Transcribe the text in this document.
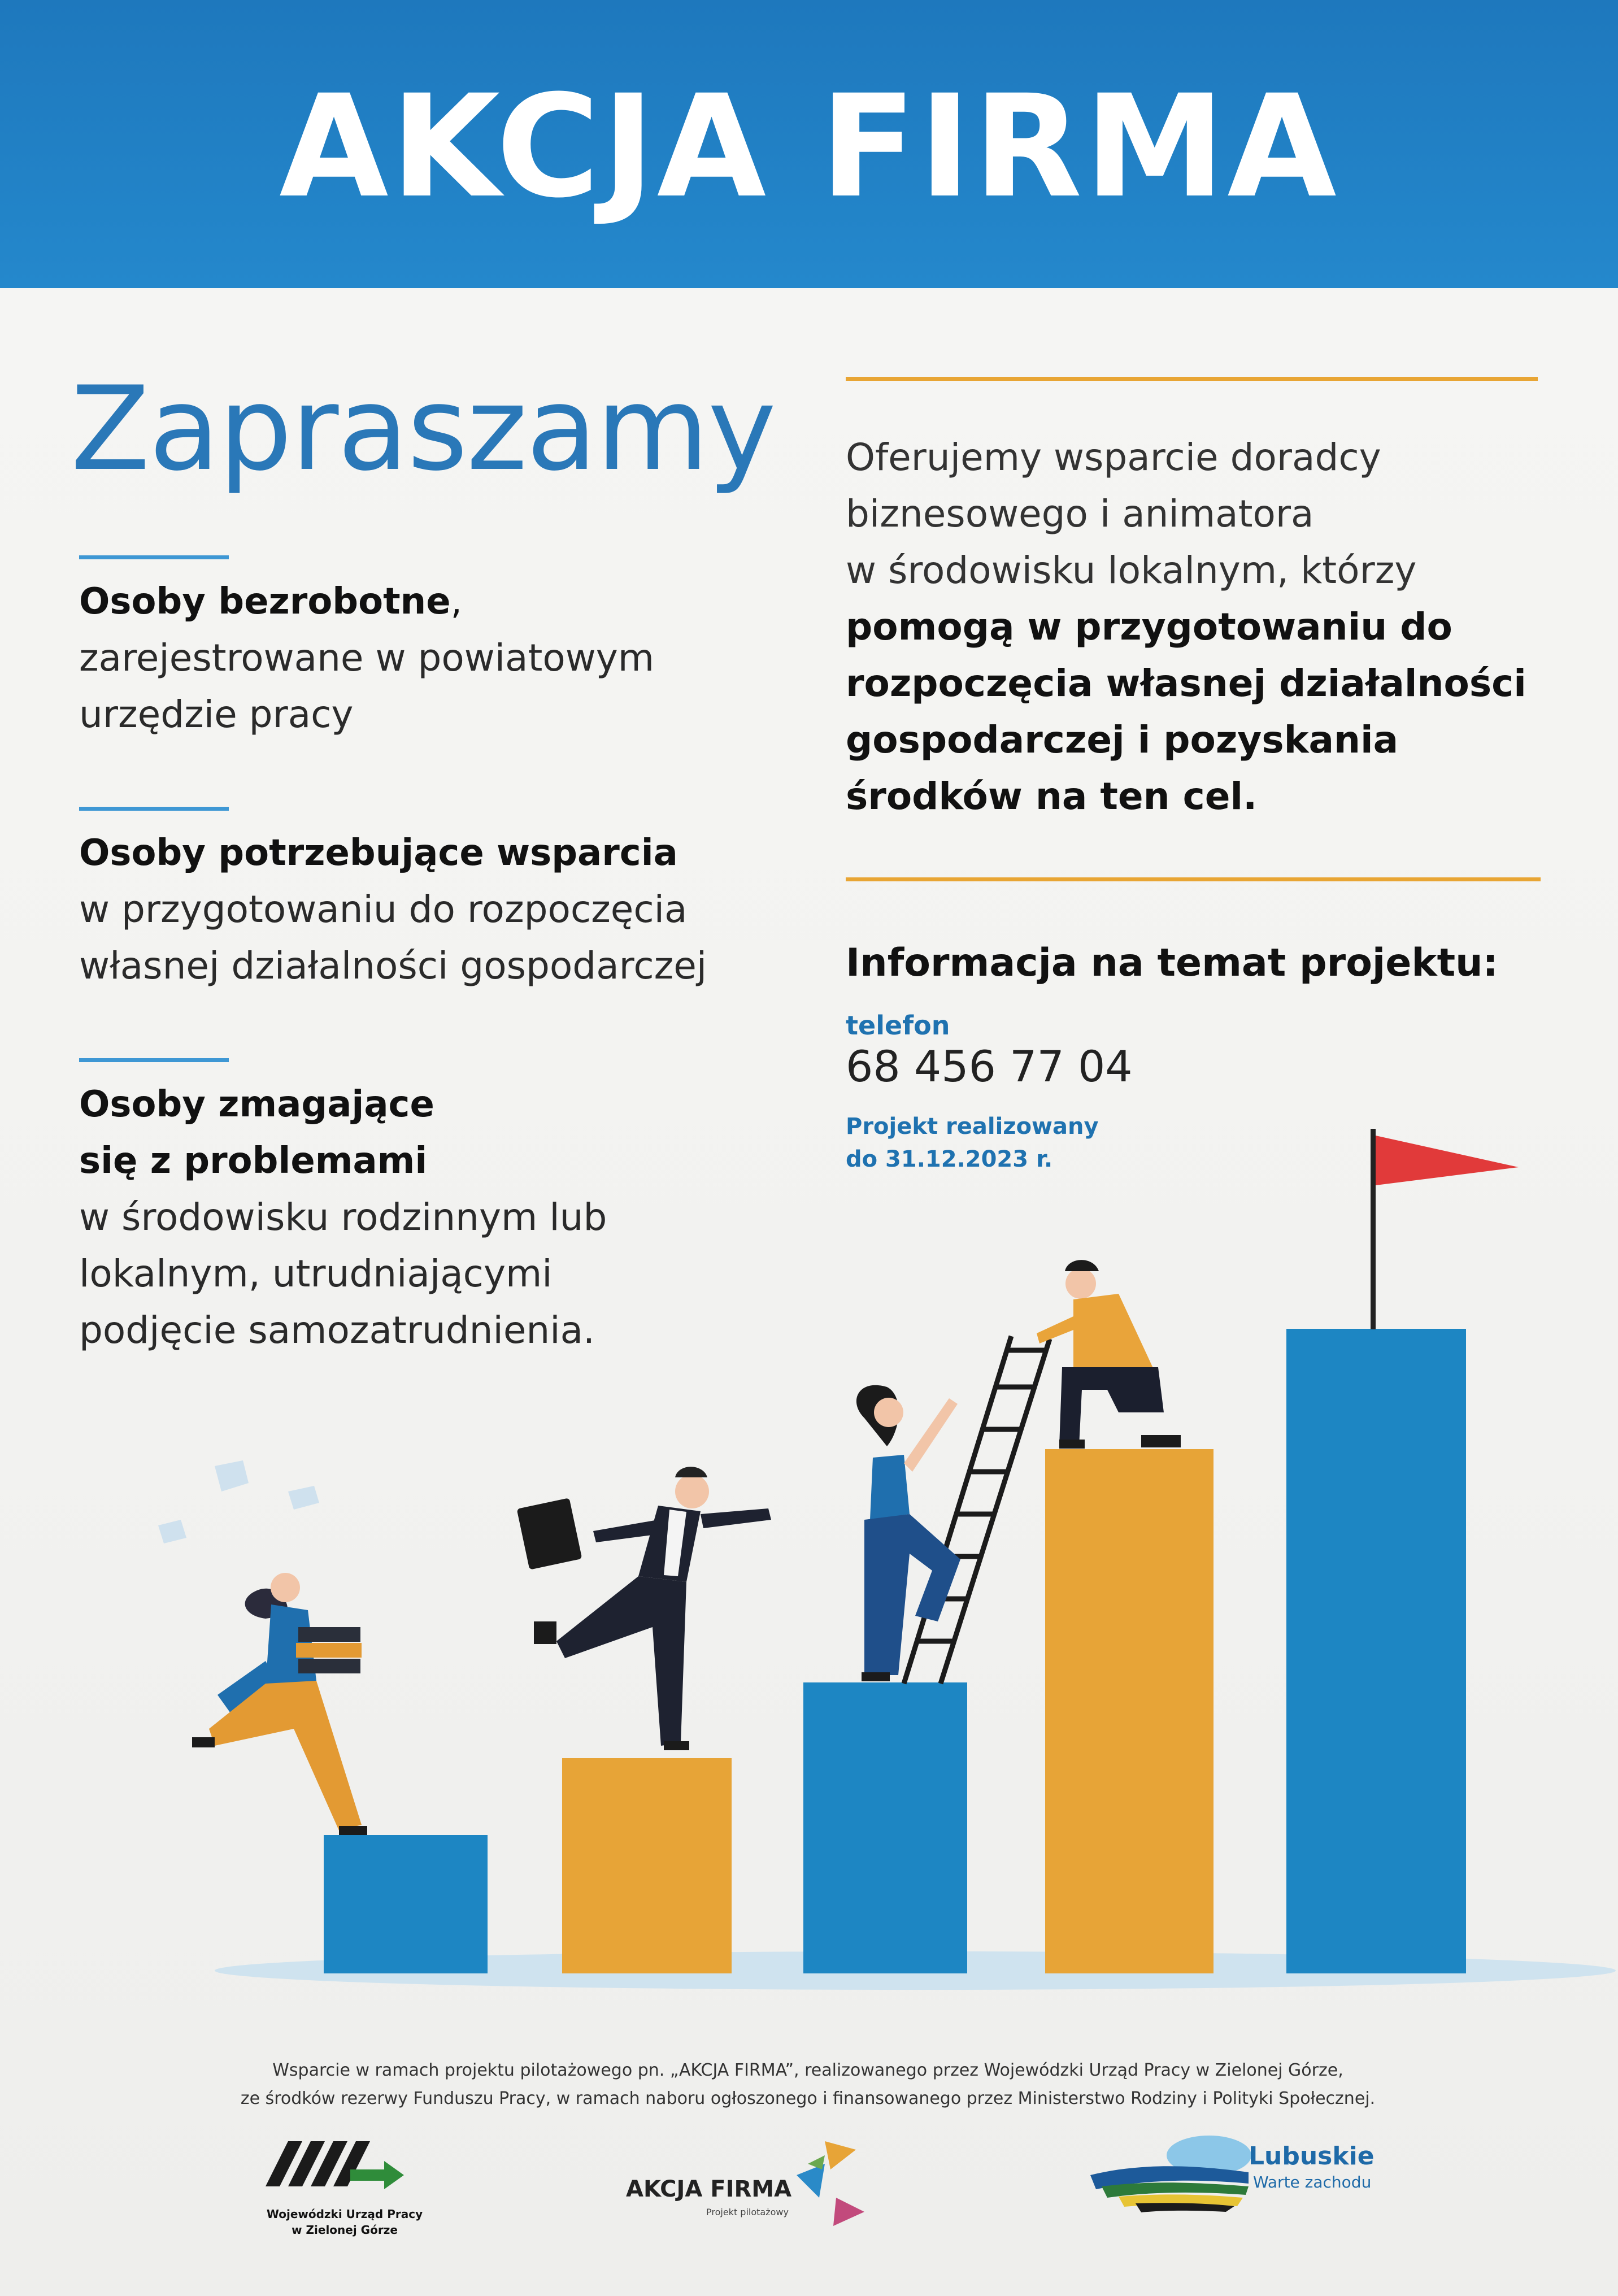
AKCJA FIRMA
Zapraszamy
Osoby bezrobotne,
zarejestrowane w powiatowym
urzędzie pracy
Osoby potrzebujące wsparcia
w przygotowaniu do rozpoczęcia
własnej działalności gospodarczej
Osoby zmagające
się z problemami
w środowisku rodzinnym lub
lokalnym, utrudniającymi
podjęcie samozatrudnienia.
Oferujemy wsparcie doradcy
biznesowego i animatora
w środowisku lokalnym, którzy
pomogą w przygotowaniu do
rozpoczęcia własnej działalności
gospodarczej i pozyskania
środków na ten cel.
Informacja na temat projektu:
telefon
68 456 77 04
Projekt realizowany
do 31.12.2023 r.
Wsparcie w ramach projektu pilotażowego pn. „AKCJA FIRMA”, realizowanego przez Wojewódzki Urząd Pracy w Zielonej Górze,
ze środków rezerwy Funduszu Pracy, w ramach naboru ogłoszonego i finansowanego przez Ministerstwo Rodziny i Polityki Społecznej.
Wojewódzki Urząd Pracy
w Zielonej Górze
AKCJA FIRMA
Projekt pilotażowy
Lubuskie
Warte zachodu
